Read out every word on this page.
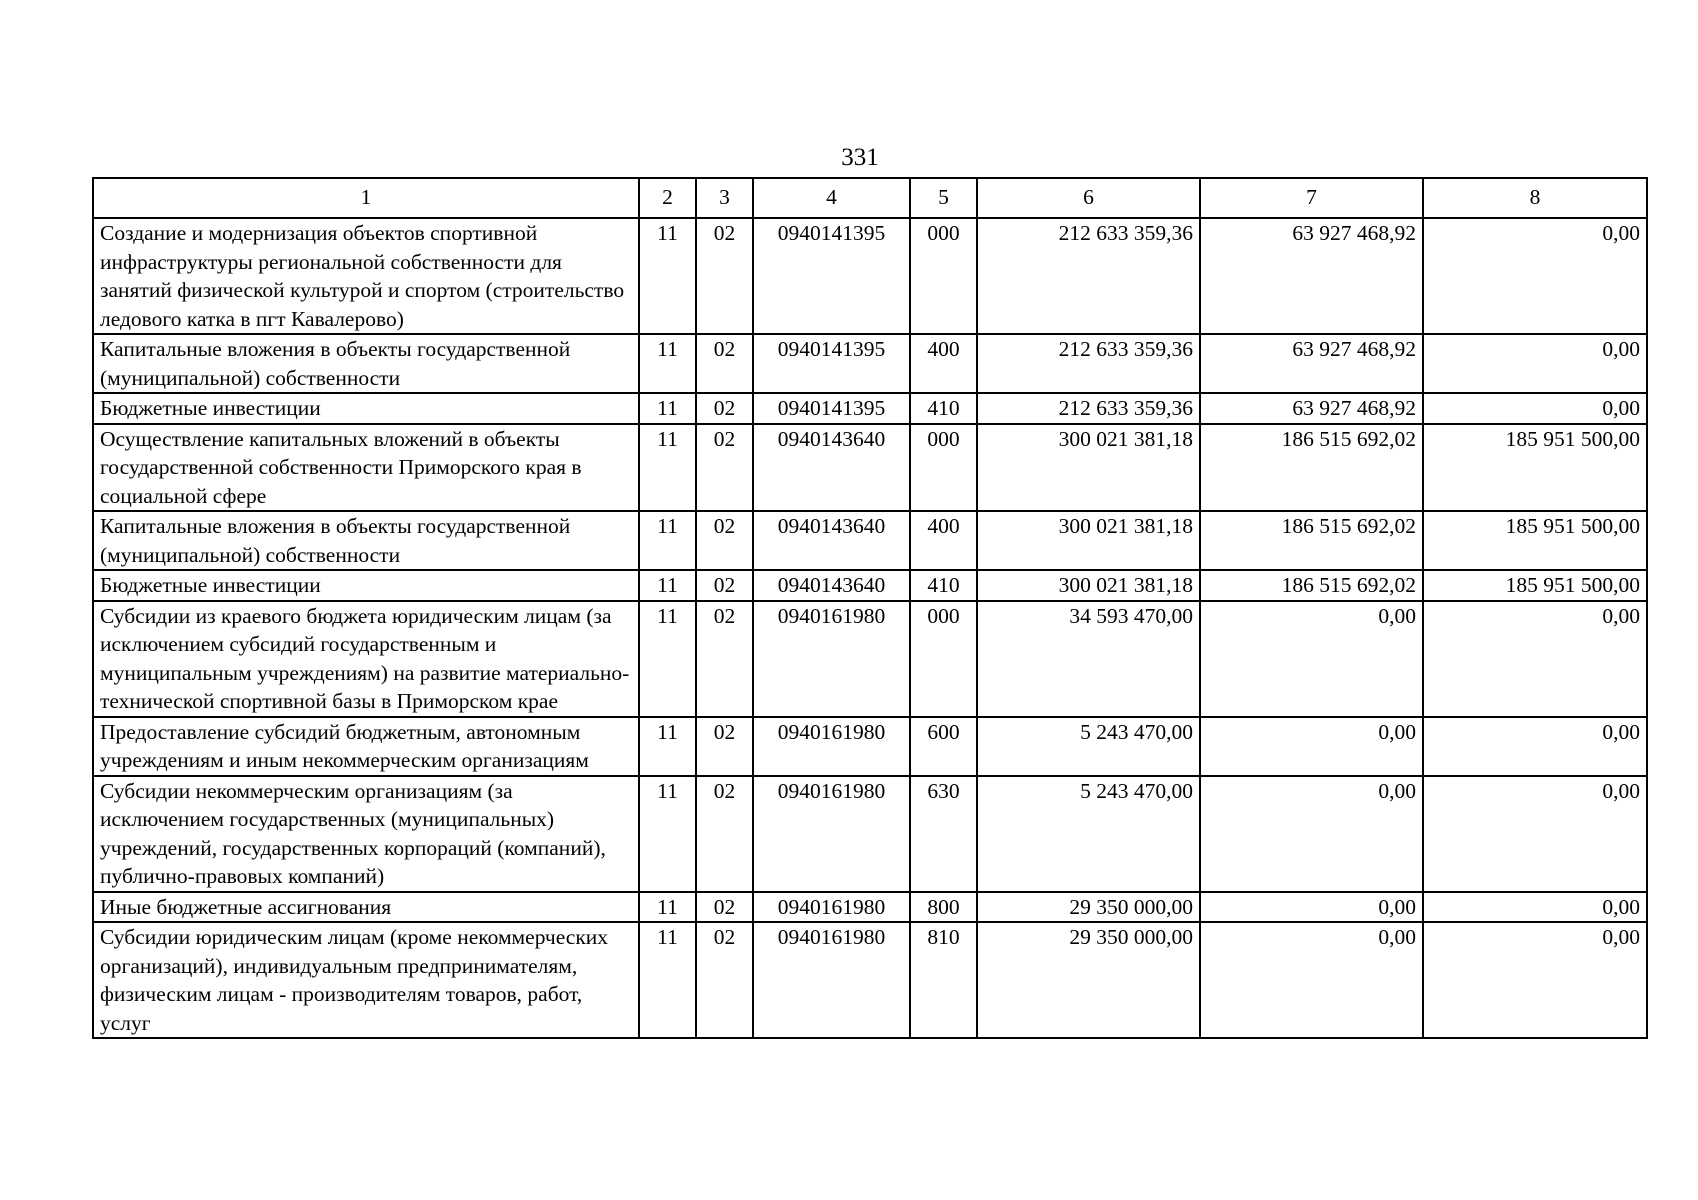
331
1	2	3	4	5	6	7	8
Создание и модернизация объектов спортивной инфраструктуры региональной собственности для занятий физической культурой и спортом (строительство ледового катка в пгт Кавалерово)	11	02	0940141395	000	212 633 359,36	63 927 468,92	0,00
Капитальные вложения в объекты государственной (муниципальной) собственности	11	02	0940141395	400	212 633 359,36	63 927 468,92	0,00
Бюджетные инвестиции	11	02	0940141395	410	212 633 359,36	63 927 468,92	0,00
Осуществление капитальных вложений в объекты государственной собственности Приморского края в социальной сфере	11	02	0940143640	000	300 021 381,18	186 515 692,02	185 951 500,00
Капитальные вложения в объекты государственной (муниципальной) собственности	11	02	0940143640	400	300 021 381,18	186 515 692,02	185 951 500,00
Бюджетные инвестиции	11	02	0940143640	410	300 021 381,18	186 515 692,02	185 951 500,00
Субсидии из краевого бюджета юридическим лицам (за исключением субсидий государственным и муниципальным учреждениям) на развитие материально-технической спортивной базы в Приморском крае	11	02	0940161980	000	34 593 470,00	0,00	0,00
Предоставление субсидий бюджетным, автономным учреждениям и иным некоммерческим организациям	11	02	0940161980	600	5 243 470,00	0,00	0,00
Субсидии некоммерческим организациям (за исключением государственных (муниципальных) учреждений, государственных корпораций (компаний), публично-правовых компаний)	11	02	0940161980	630	5 243 470,00	0,00	0,00
Иные бюджетные ассигнования	11	02	0940161980	800	29 350 000,00	0,00	0,00
Субсидии юридическим лицам (кроме некоммерческих организаций), индивидуальным предпринимателям, физическим лицам - производителям товаров, работ, услуг	11	02	0940161980	810	29 350 000,00	0,00	0,00
